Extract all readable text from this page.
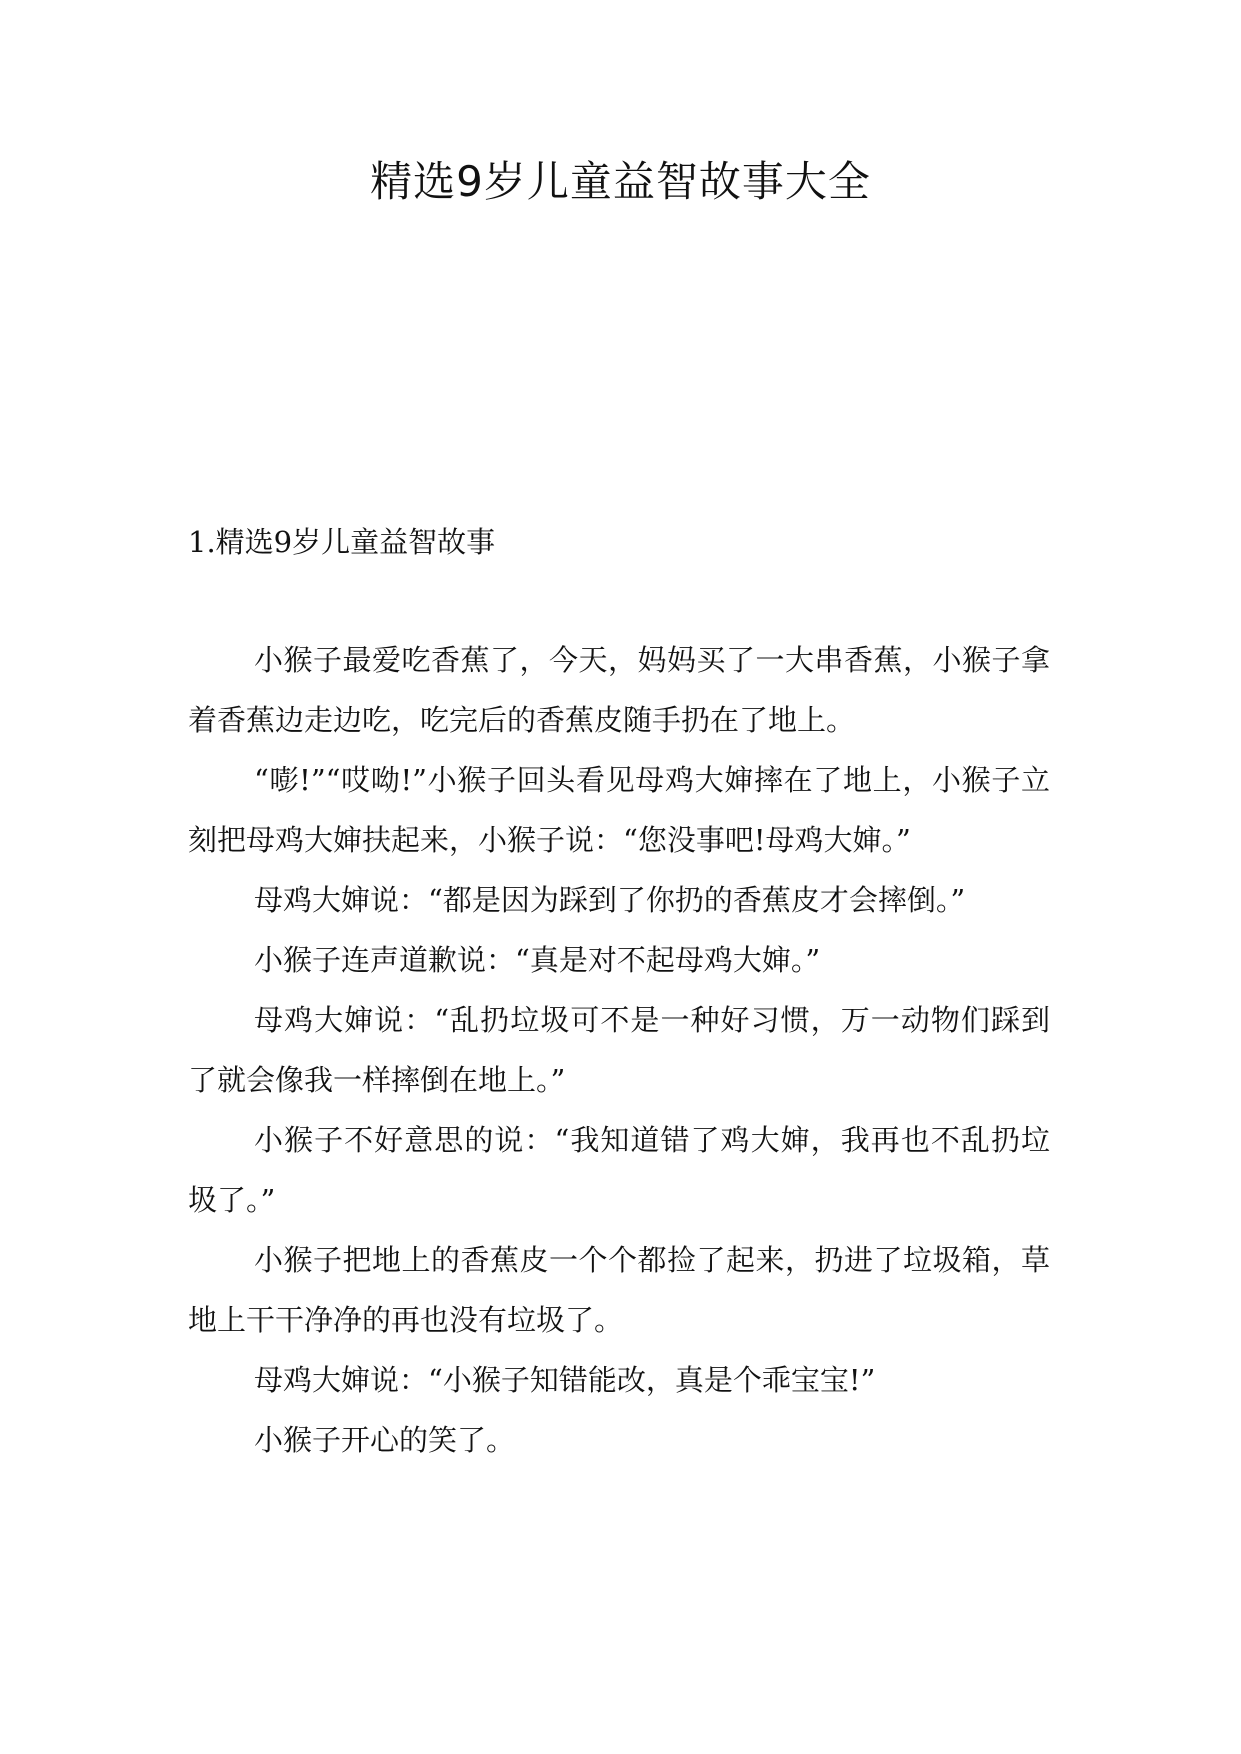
精选9岁儿童益智故事大全
1.精选9岁儿童益智故事

小猴子最爱吃香蕉了，今天，妈妈买了一大串香蕉，小猴子拿着香蕉边走边吃，吃完后的香蕉皮随手扔在了地上。

“嘭!”“哎呦!”小猴子回头看见母鸡大婶摔在了地上，小猴子立刻把母鸡大婶扶起来，小猴子说：“您没事吧!母鸡大婶。”

母鸡大婶说：“都是因为踩到了你扔的香蕉皮才会摔倒。”

小猴子连声道歉说：“真是对不起母鸡大婶。”

母鸡大婶说：“乱扔垃圾可不是一种好习惯，万一动物们踩到了就会像我一样摔倒在地上。”

小猴子不好意思的说：“我知道错了鸡大婶，我再也不乱扔垃圾了。”

小猴子把地上的香蕉皮一个个都捡了起来，扔进了垃圾箱，草地上干干净净的再也没有垃圾了。

母鸡大婶说：“小猴子知错能改，真是个乖宝宝!”

小猴子开心的笑了。
